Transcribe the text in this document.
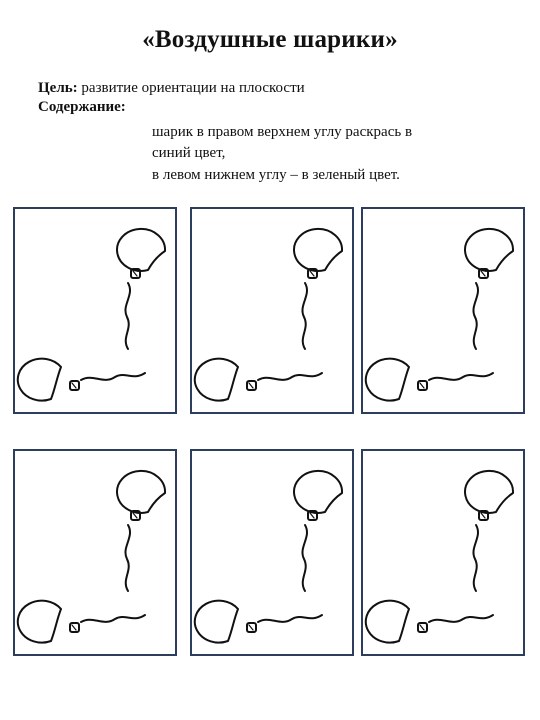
«Воздушные шарики»
Цель: развитие ориентации на плоскости
Содержание:
шарик в правом верхнем углу раскрась в
синий цвет,
в левом нижнем углу – в зеленый цвет.
